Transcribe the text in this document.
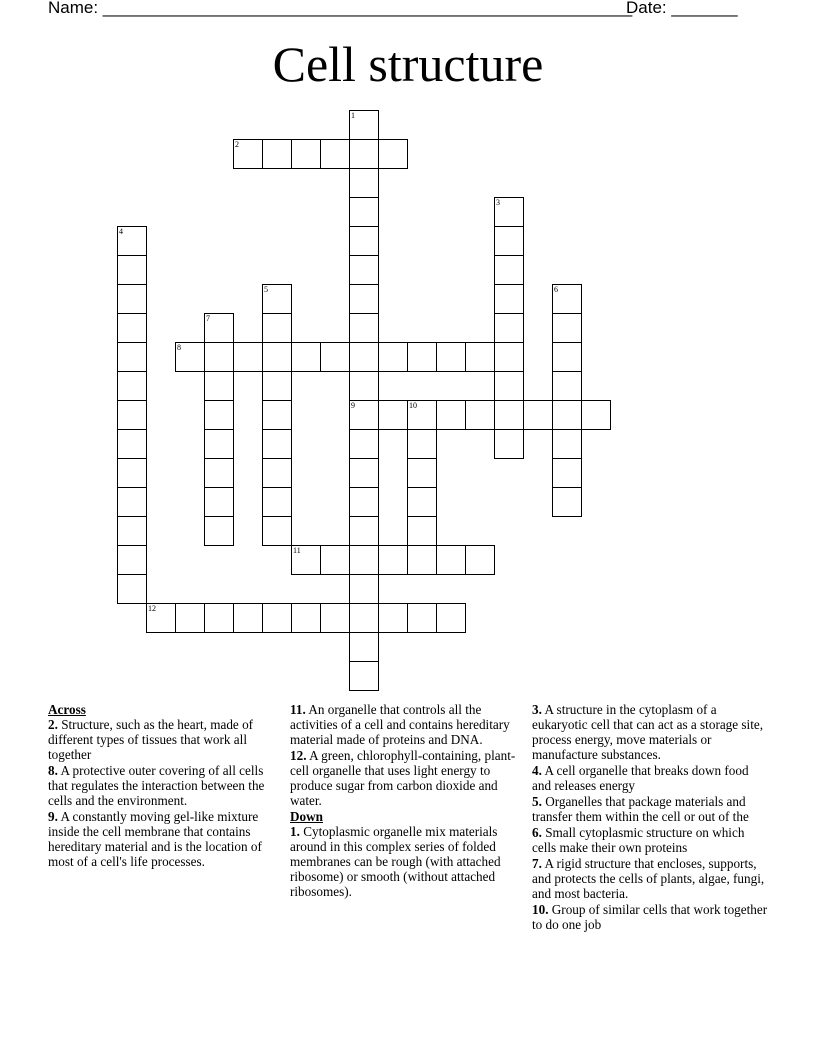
Name: ________________________________________________________
Date: _______
Cell structure
1
9
2
3
4
5	6
7
8
10
11
12
Across
2. Structure, such as the heart, made of different types of tissues that work all together
8. A protective outer covering of all cells that regulates the interaction between the cells and the environment.
9. A constantly moving gel-like mixture inside the cell membrane that contains hereditary material and is the location of most of a cell's life processes.
11. An organelle that controls all the activities of a cell and contains hereditary material made of proteins and DNA.
12. A green, chlorophyll-containing, plant-cell organelle that uses light energy to produce sugar from carbon dioxide and water.
Down
1. Cytoplasmic organelle mix materials around in this complex series of folded membranes can be rough (with attached ribosome) or smooth (without attached ribosomes).
3. A structure in the cytoplasm of a eukaryotic cell that can act as a storage site, process energy, move materials or manufacture substances.
4. A cell organelle that breaks down food and releases energy
5. Organelles that package materials and transfer them within the cell or out of the
6. Small cytoplasmic structure on which cells make their own proteins
7. A rigid structure that encloses, supports, and protects the cells of plants, algae, fungi, and most bacteria.
10. Group of similar cells that work together to do one job
